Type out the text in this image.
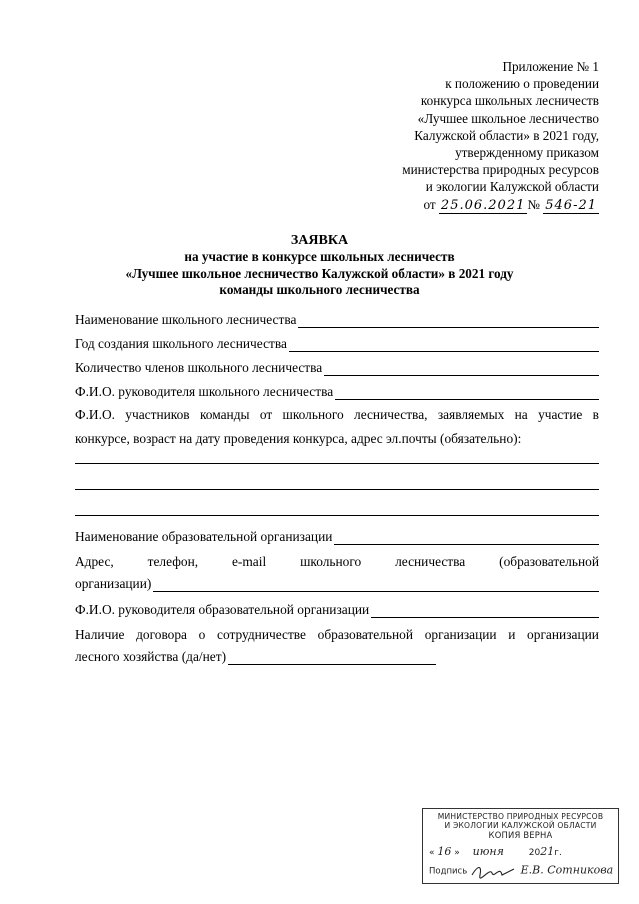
Приложение № 1
к положению о проведении
конкурса школьных лесничеств
«Лучшее школьное лесничество
Калужской области» в 2021 году,
утвержденному приказом
министерства природных ресурсов
и экологии Калужской области
от 25.06.2021 № 546-21
ЗАЯВКА
на участие в конкурсе школьных лесничеств
«Лучшее школьное лесничество Калужской области» в 2021 году
команды школьного лесничества
Наименование школьного лесничества
Год создания школьного лесничества
Количество членов школьного лесничества
Ф.И.О. руководителя школьного лесничества
Ф.И.О. участников команды от школьного лесничества, заявляемых на участие в
конкурсе, возраст на дату проведения конкурса, адрес эл.почты (обязательно):
Наименование образовательной организации
Адрес,	телефон,	e-mail	школьного	лесничества	(образовательной
организации)
Ф.И.О. руководителя образовательной организации
Наличие договора о сотрудничестве образовательной организации и организации
лесного хозяйства (да/нет)
МИНИСТЕРСТВО ПРИРОДНЫХ РЕСУРСОВ
И ЭКОЛОГИИ КАЛУЖСКОЙ ОБЛАСТИ
КОПИЯ ВЕРНА
« 16 » июня	2021г.
Подпись	Е.В. Сотникова
